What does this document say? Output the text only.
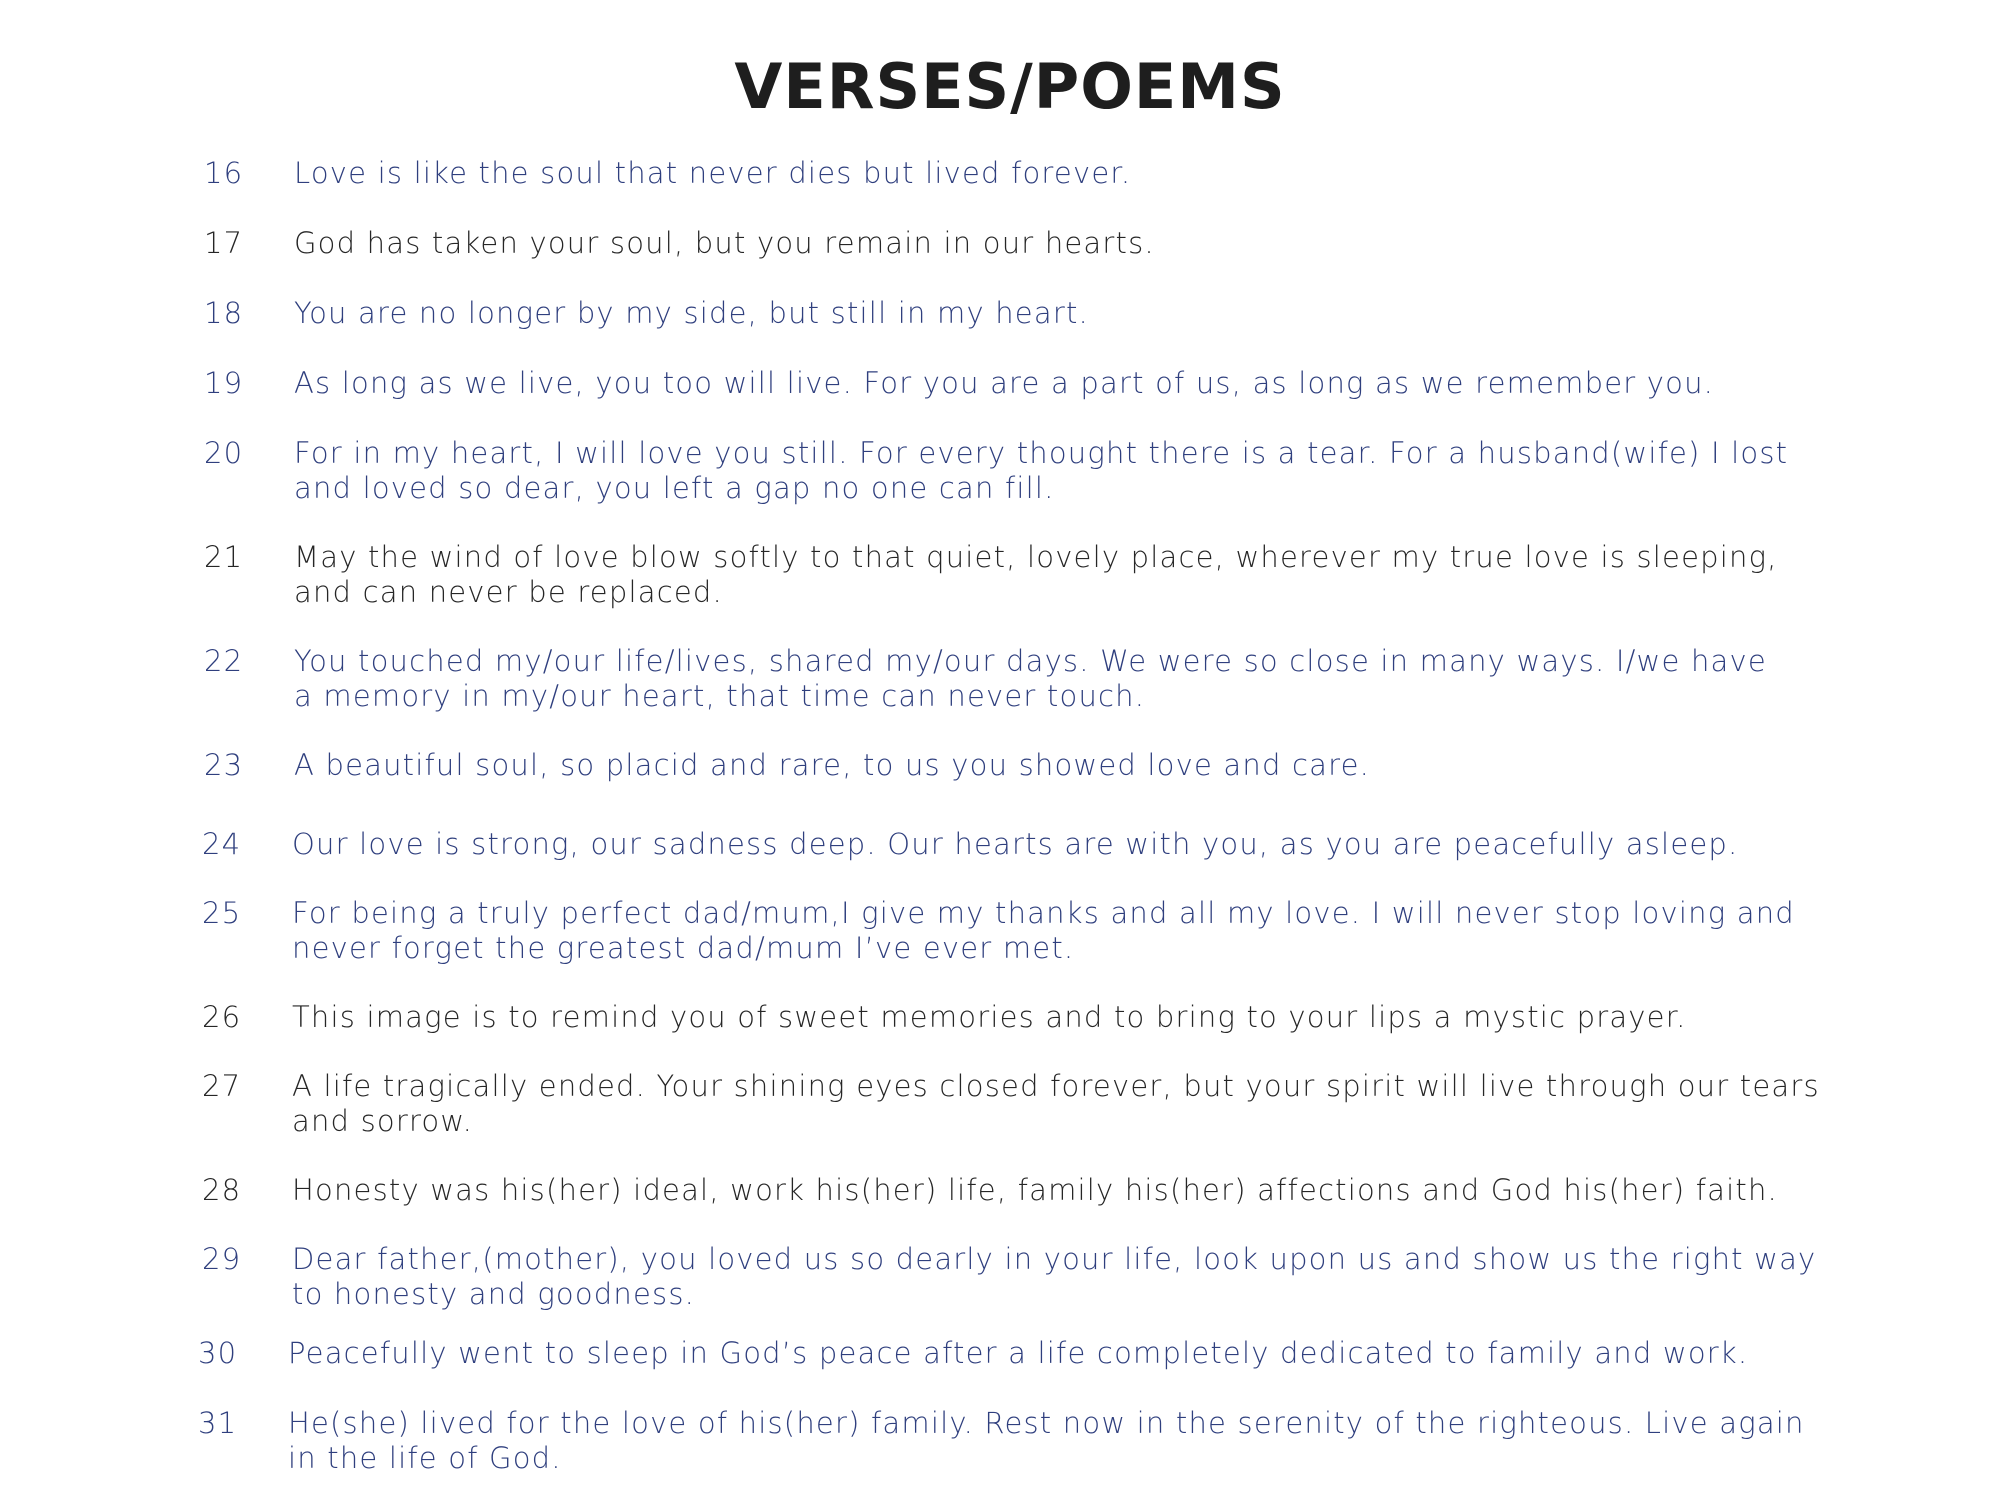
VERSES/POEMS
16	Love is like the soul that never dies but lived forever.
17	God has taken your soul, but you remain in our hearts.
18	You are no longer by my side, but still in my heart.
19	As long as we live, you too will live. For you are a part of us, as long as we remember you.
20	For in my heart, I will love you still. For every thought there is a tear. For a husband(wife) I lost
and loved so dear, you left a gap no one can fill.
21	May the wind of love blow softly to that quiet, lovely place, wherever my true love is sleeping,
and can never be replaced.
22	You touched my/our life/lives, shared my/our days. We were so close in many ways. I/we have
a memory in my/our heart, that time can never touch.
23	A beautiful soul, so placid and rare, to us you showed love and care.
24	Our love is strong, our sadness deep. Our hearts are with you, as you are peacefully asleep.
25	For being a truly perfect dad/mum,I give my thanks and all my love. I will never stop loving and
never forget the greatest dad/mum I’ve ever met.
26	This image is to remind you of sweet memories and to bring to your lips a mystic prayer.
27	A life tragically ended. Your shining eyes closed forever, but your spirit will live through our tears
and sorrow.
28	Honesty was his(her) ideal, work his(her) life, family his(her) affections and God his(her) faith.
29	Dear father,(mother), you loved us so dearly in your life, look upon us and show us the right way
to honesty and goodness.
30	Peacefully went to sleep in God’s peace after a life completely dedicated to family and work.
31	He(she) lived for the love of his(her) family. Rest now in the serenity of the righteous. Live again
in the life of God.
